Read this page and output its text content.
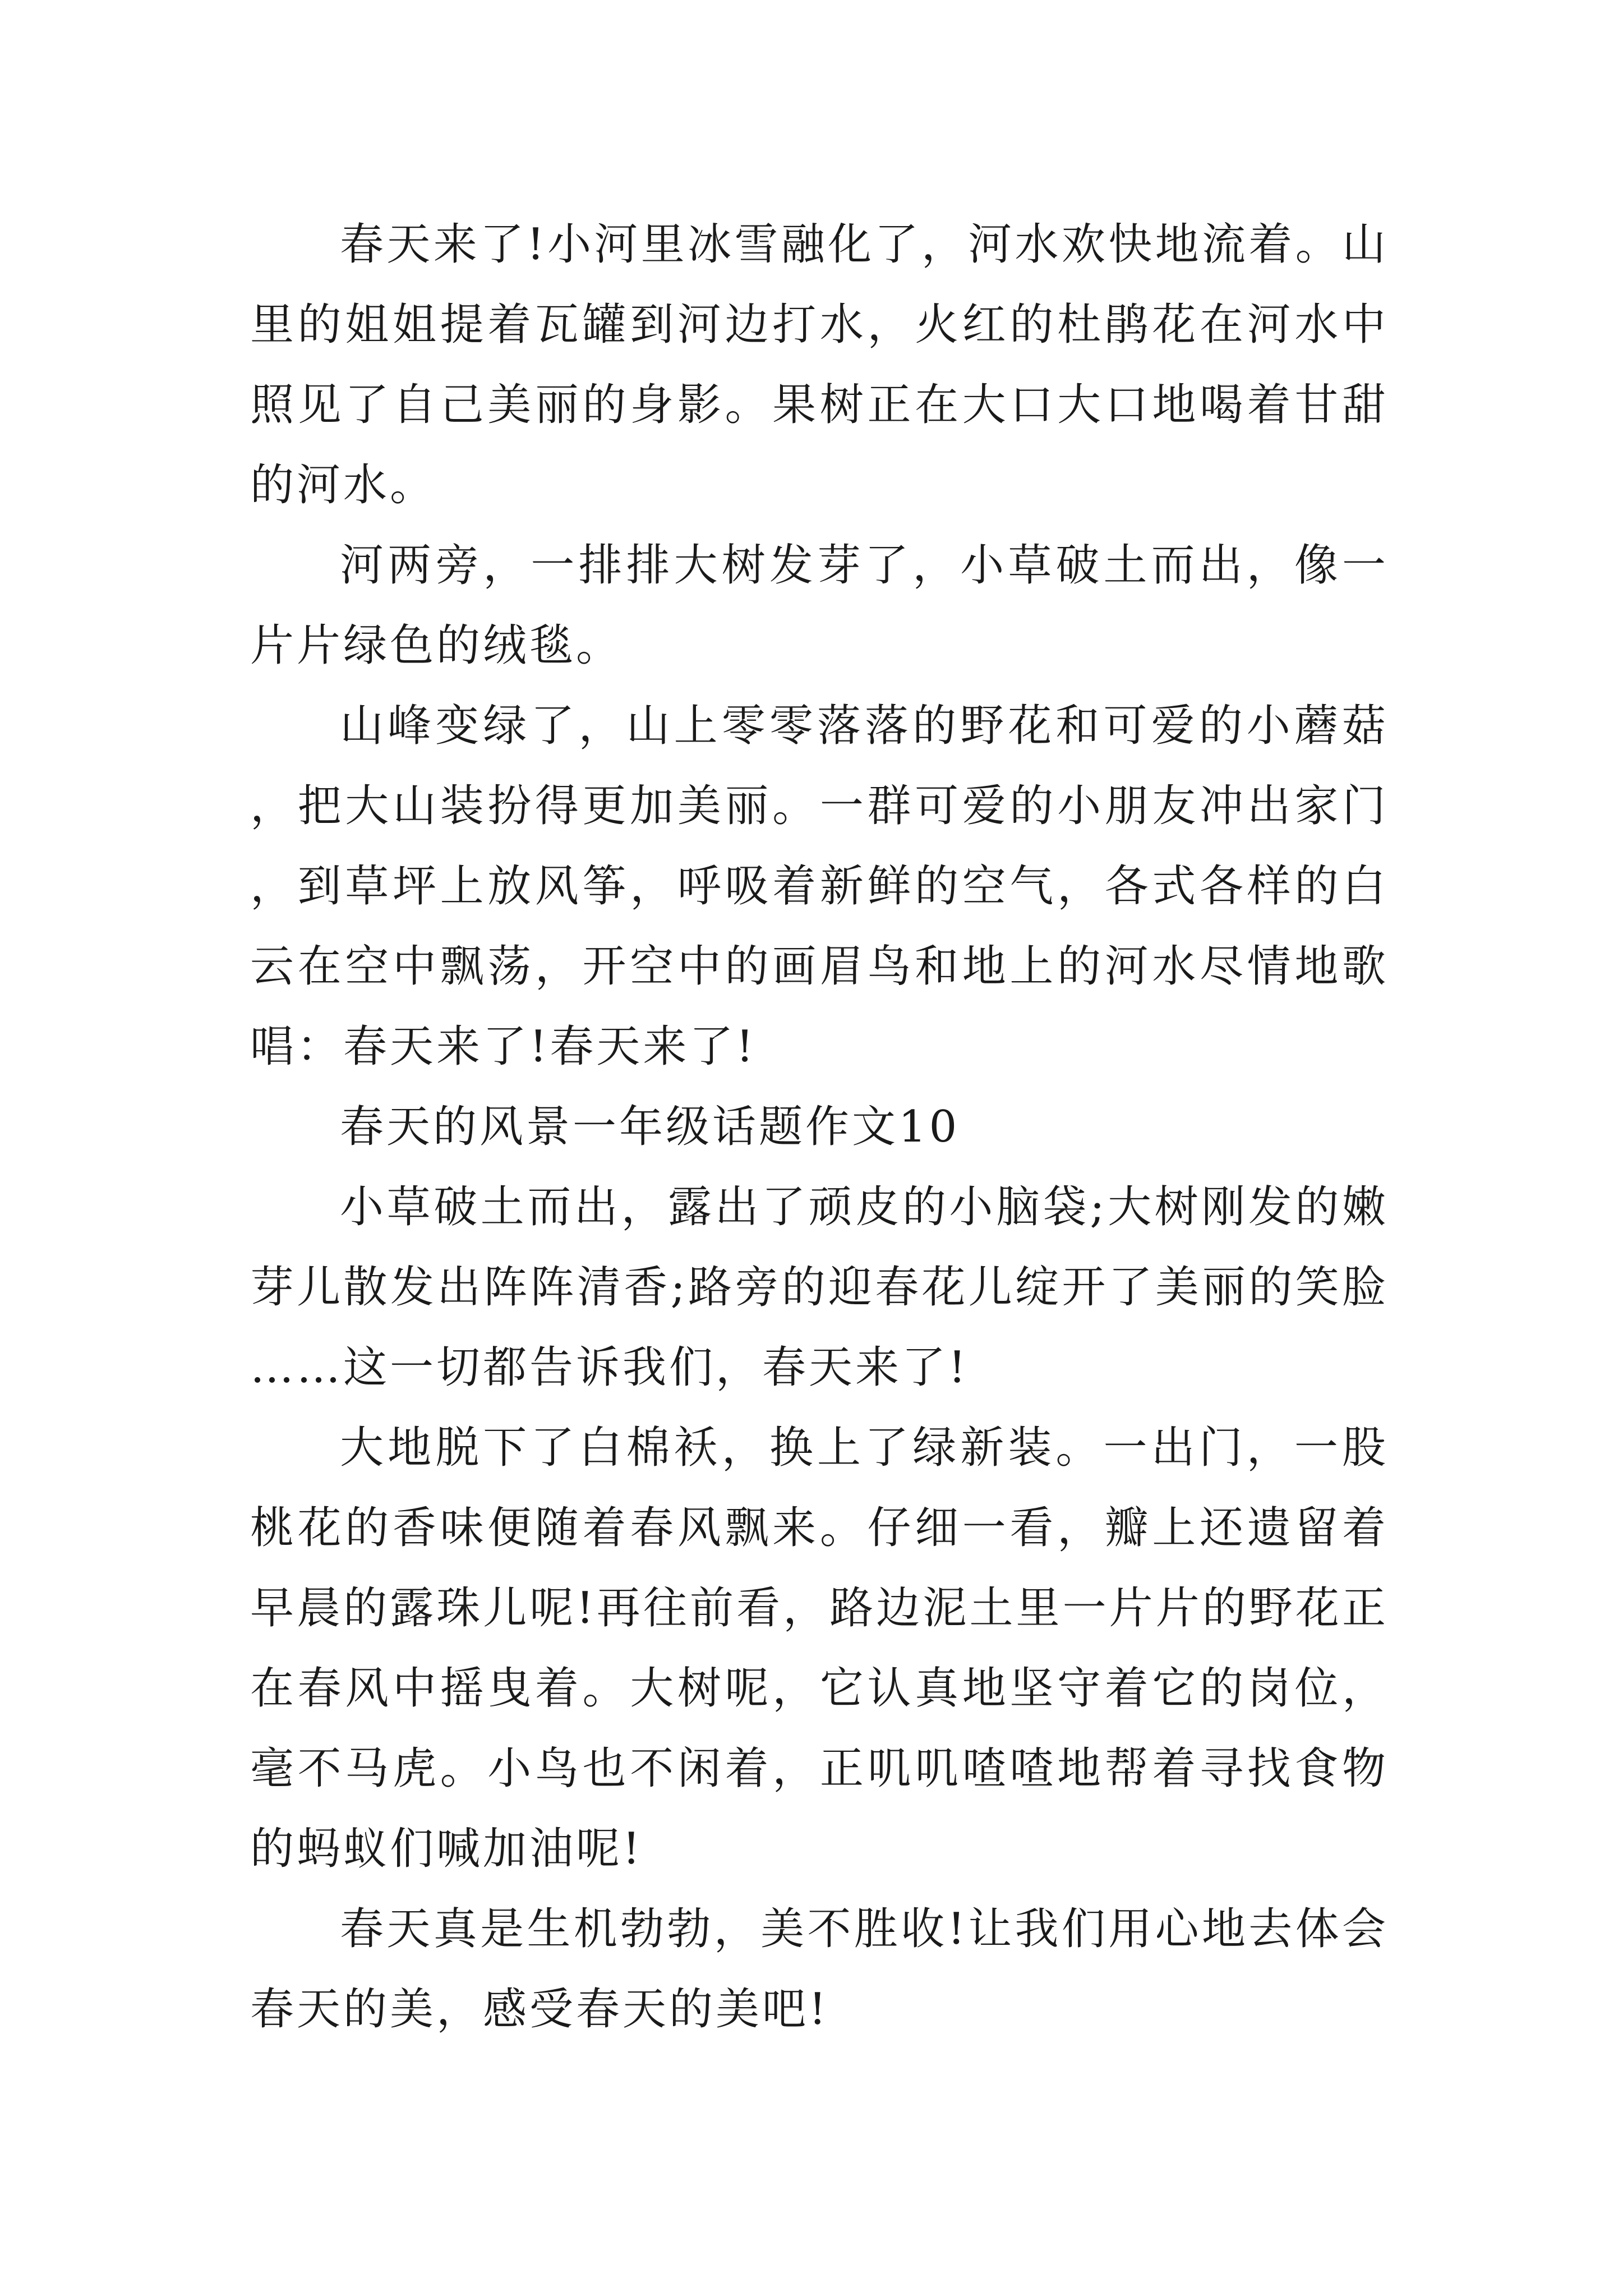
春天来了!小河里冰雪融化了，河水欢快地流着。山里的姐姐提着瓦罐到河边打水，火红的杜鹃花在河水中照见了自己美丽的身影。果树正在大口大口地喝着甘甜的河水。

河两旁，一排排大树发芽了，小草破土而出，像一片片绿色的绒毯。

山峰变绿了，山上零零落落的野花和可爱的小蘑菇，把大山装扮得更加美丽。一群可爱的小朋友冲出家门，到草坪上放风筝，呼吸着新鲜的空气，各式各样的白云在空中飘荡，开空中的画眉鸟和地上的河水尽情地歌唱：春天来了!春天来了!

春天的风景一年级话题作文10

小草破土而出，露出了顽皮的小脑袋;大树刚发的嫩芽儿散发出阵阵清香;路旁的迎春花儿绽开了美丽的笑脸……这一切都告诉我们，春天来了!

大地脱下了白棉袄，换上了绿新装。一出门，一股桃花的香味便随着春风飘来。仔细一看，瓣上还遗留着早晨的露珠儿呢!再往前看，路边泥土里一片片的野花正在春风中摇曳着。大树呢，它认真地坚守着它的岗位，毫不马虎。小鸟也不闲着，正叽叽喳喳地帮着寻找食物的蚂蚁们喊加油呢!

春天真是生机勃勃，美不胜收!让我们用心地去体会春天的美，感受春天的美吧!
